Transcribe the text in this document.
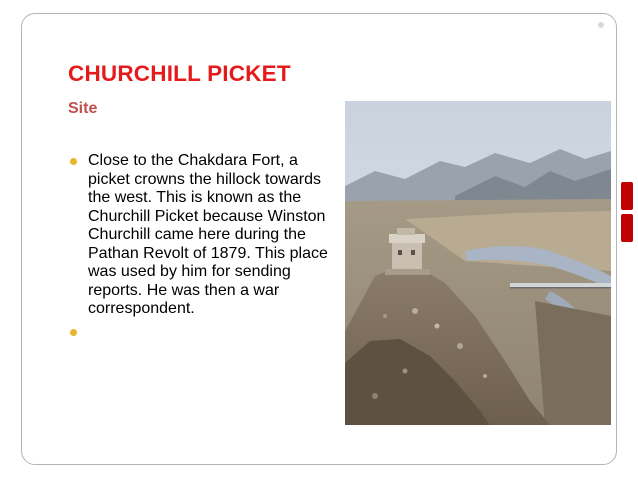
CHURCHILL PICKET
Site
Close to the Chakdara Fort, a picket crowns the hillock towards the west. This is known as the Churchill Picket because Winston Churchill came here during the Pathan Revolt of 1879. This place was used by him for sending reports. He was then a war correspondent.
